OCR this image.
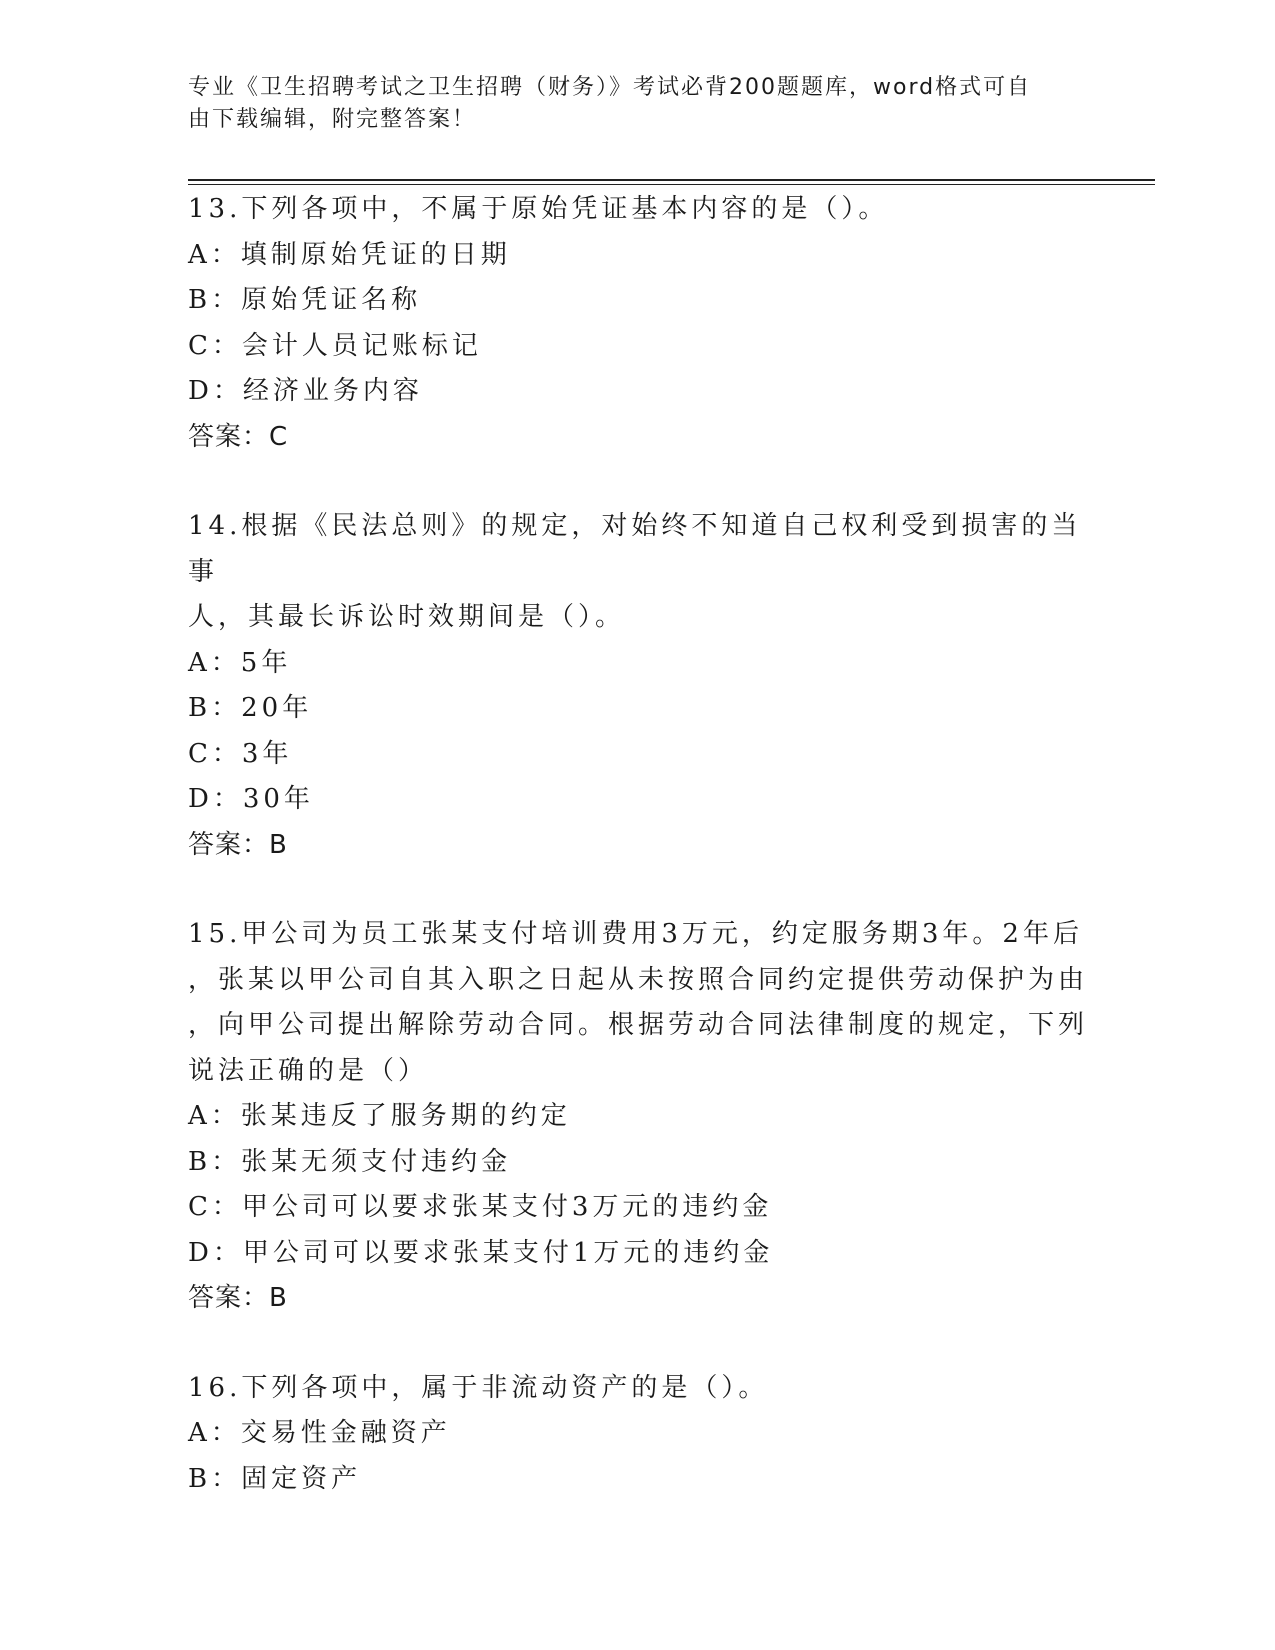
专业《卫生招聘考试之卫生招聘（财务）》考试必背200题题库，word格式可自
由下载编辑，附完整答案！
13.下列各项中，不属于原始凭证基本内容的是（）。
A：填制原始凭证的日期
B：原始凭证名称
C：会计人员记账标记
D：经济业务内容
答案：C
14.根据《民法总则》的规定，对始终不知道自己权利受到损害的当事
人，其最长诉讼时效期间是（）。
A：5年
B：20年
C：3年
D：30年
答案：B
15.甲公司为员工张某支付培训费用3万元，约定服务期3年。2年后
，张某以甲公司自其入职之日起从未按照合同约定提供劳动保护为由
，向甲公司提出解除劳动合同。根据劳动合同法律制度的规定，下列
说法正确的是（）
A：张某违反了服务期的约定
B：张某无须支付违约金
C：甲公司可以要求张某支付3万元的违约金
D：甲公司可以要求张某支付1万元的违约金
答案：B
16.下列各项中，属于非流动资产的是（）。
A：交易性金融资产
B：固定资产
